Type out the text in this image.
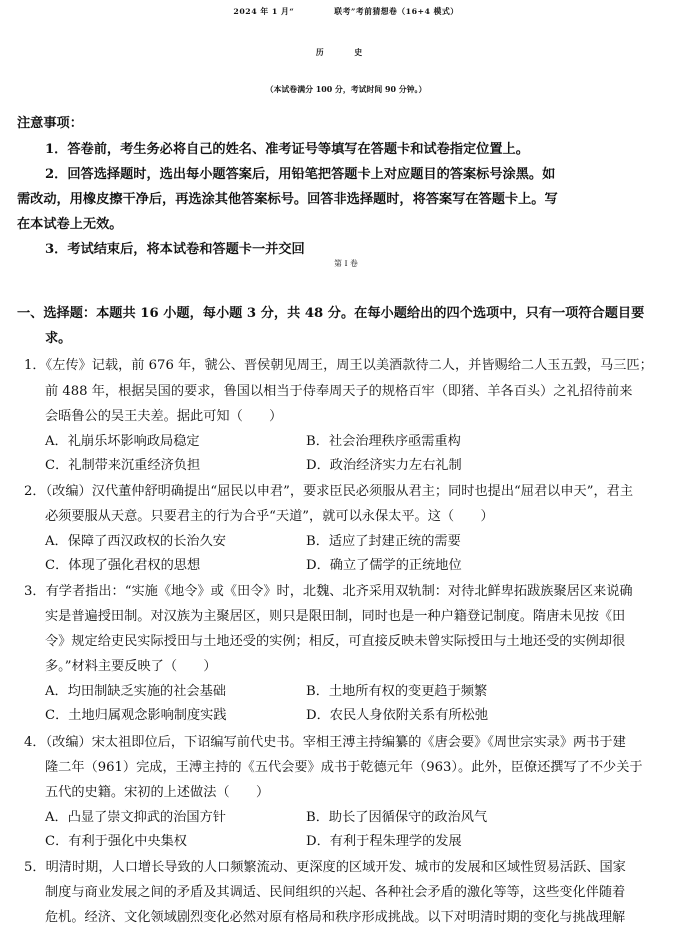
2024 年 1 月“	联考”考前猜想卷（16+4 模式）
历 史
（本试卷满分 100 分，考试时间 90 分钟。）
注意事项：
1．答卷前，考生务必将自己的姓名、准考证号等填写在答题卡和试卷指定位置上。
2．回答选择题时，选出每小题答案后，用铅笔把答题卡上对应题目的答案标号涂黑。如
需改动，用橡皮擦干净后，再选涂其他答案标号。回答非选择题时，将答案写在答题卡上。写
在本试卷上无效。
3．考试结束后，将本试卷和答题卡一并交回
第 I 卷
一、选择题：本题共 16 小题，每小题 3 分，共 48 分。在每小题给出的四个选项中，只有一项符合题目要
求。
1．《左传》记载，前 676 年，虢公、晋侯朝见周王，周王以美酒款待二人，并皆赐给二人玉五瑴，马三匹；
前 488 年，根据吴国的要求，鲁国以相当于侍奉周天子的规格百牢（即猪、羊各百头）之礼招待前来
会晤鲁公的吴王夫差。据此可知（　　）
A．礼崩乐坏影响政局稳定	B．社会治理秩序亟需重构
C．礼制带来沉重经济负担	D．政治经济实力左右礼制
2．（改编）汉代董仲舒明确提出“屈民以申君”，要求臣民必须服从君主；同时也提出“屈君以申天”，君主
必须要服从天意。只要君主的行为合乎“天道”，就可以永保太平。这（　　）
A．保障了西汉政权的长治久安	B．适应了封建正统的需要
C．体现了强化君权的思想	D．确立了儒学的正统地位
3．有学者指出：“实施《地令》或《田令》时，北魏、北齐采用双轨制：对待北鲜卑拓跋族聚居区来说确
实是普遍授田制。对汉族为主聚居区，则只是限田制，同时也是一种户籍登记制度。隋唐未见按《田
令》规定给吏民实际授田与土地还受的实例；相反，可直接反映未曾实际授田与土地还受的实例却很
多。”材料主要反映了（　　）
A．均田制缺乏实施的社会基础	B．土地所有权的变更趋于频繁
C．土地归属观念影响制度实践	D．农民人身依附关系有所松弛
4．（改编）宋太祖即位后，下诏编写前代史书。宰相王溥主持编纂的《唐会要》《周世宗实录》两书于建
隆二年（961）完成，王溥主持的《五代会要》成书于乾德元年（963）。此外，臣僚还撰写了不少关于
五代的史籍。宋初的上述做法（　　）
A．凸显了崇文抑武的治国方针	B．助长了因循保守的政治风气
C．有利于强化中央集权	D．有利于程朱理学的发展
5．明清时期，人口增长导致的人口频繁流动、更深度的区域开发、城市的发展和区域性贸易活跃、国家
制度与商业发展之间的矛盾及其调适、民间组织的兴起、各种社会矛盾的激化等等，这些变化伴随着
危机。经济、文化领域剧烈变化必然对原有格局和秩序形成挑战。以下对明清时期的变化与挑战理解
